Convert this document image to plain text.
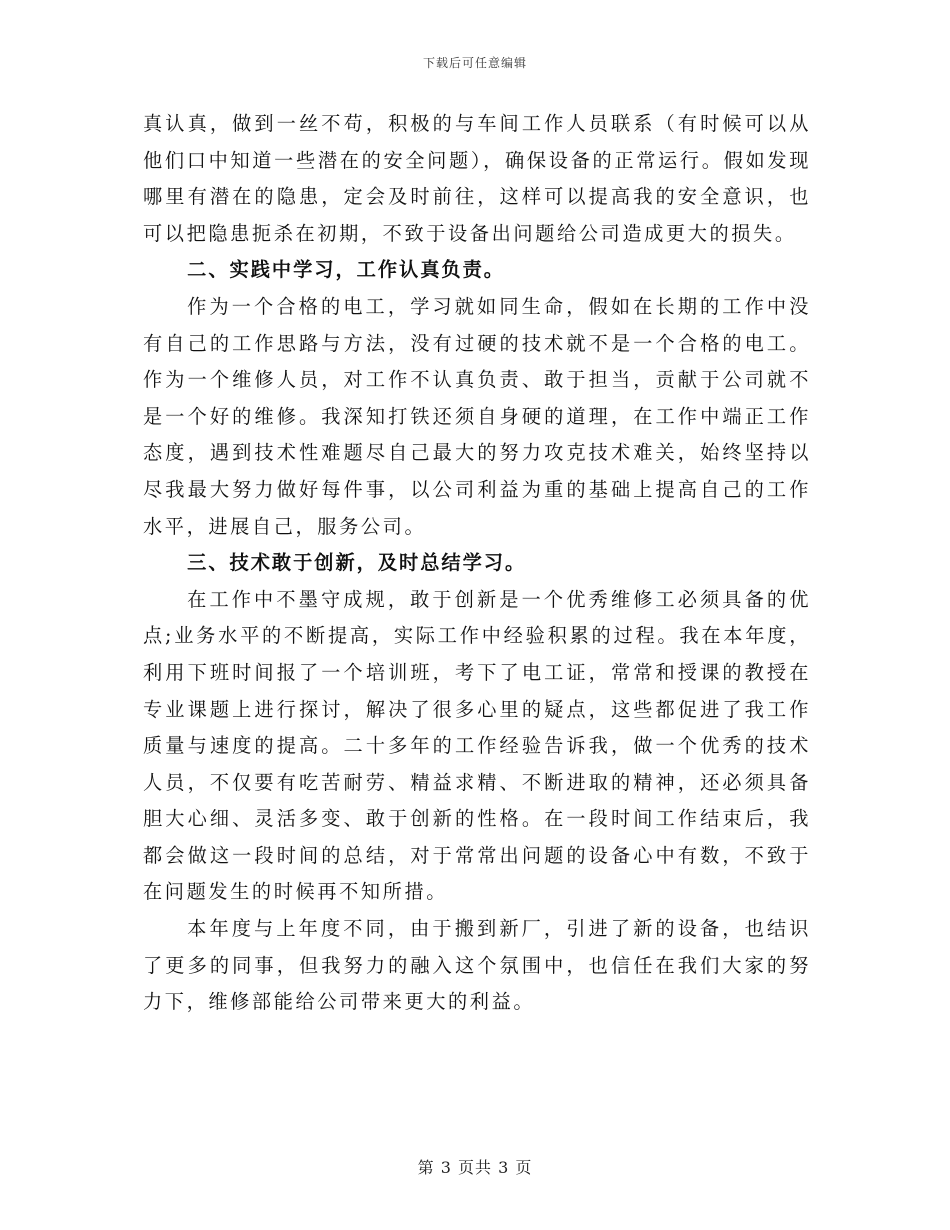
下载后可任意编辑

真认真，做到一丝不苟，积极的与车间工作人员联系（有时候可以从他们口中知道一些潜在的安全问题），确保设备的正常运行。假如发现哪里有潜在的隐患，定会及时前往，这样可以提高我的安全意识，也可以把隐患扼杀在初期，不致于设备出问题给公司造成更大的损失。

二、实践中学习，工作认真负责。

作为一个合格的电工，学习就如同生命，假如在长期的工作中没有自己的工作思路与方法，没有过硬的技术就不是一个合格的电工。作为一个维修人员，对工作不认真负责、敢于担当，贡献于公司就不是一个好的维修。我深知打铁还须自身硬的道理，在工作中端正工作态度，遇到技术性难题尽自己最大的努力攻克技术难关，始终坚持以尽我最大努力做好每件事，以公司利益为重的基础上提高自己的工作水平，进展自己，服务公司。

三、技术敢于创新，及时总结学习。

在工作中不墨守成规，敢于创新是一个优秀维修工必须具备的优点;业务水平的不断提高，实际工作中经验积累的过程。我在本年度，利用下班时间报了一个培训班，考下了电工证，常常和授课的教授在专业课题上进行探讨，解决了很多心里的疑点，这些都促进了我工作质量与速度的提高。二十多年的工作经验告诉我，做一个优秀的技术人员，不仅要有吃苦耐劳、精益求精、不断进取的精神，还必须具备胆大心细、灵活多变、敢于创新的性格。在一段时间工作结束后，我都会做这一段时间的总结，对于常常出问题的设备心中有数，不致于在问题发生的时候再不知所措。

本年度与上年度不同，由于搬到新厂，引进了新的设备，也结识了更多的同事，但我努力的融入这个氛围中，也信任在我们大家的努力下，维修部能给公司带来更大的利益。

第 3 页共 3 页
